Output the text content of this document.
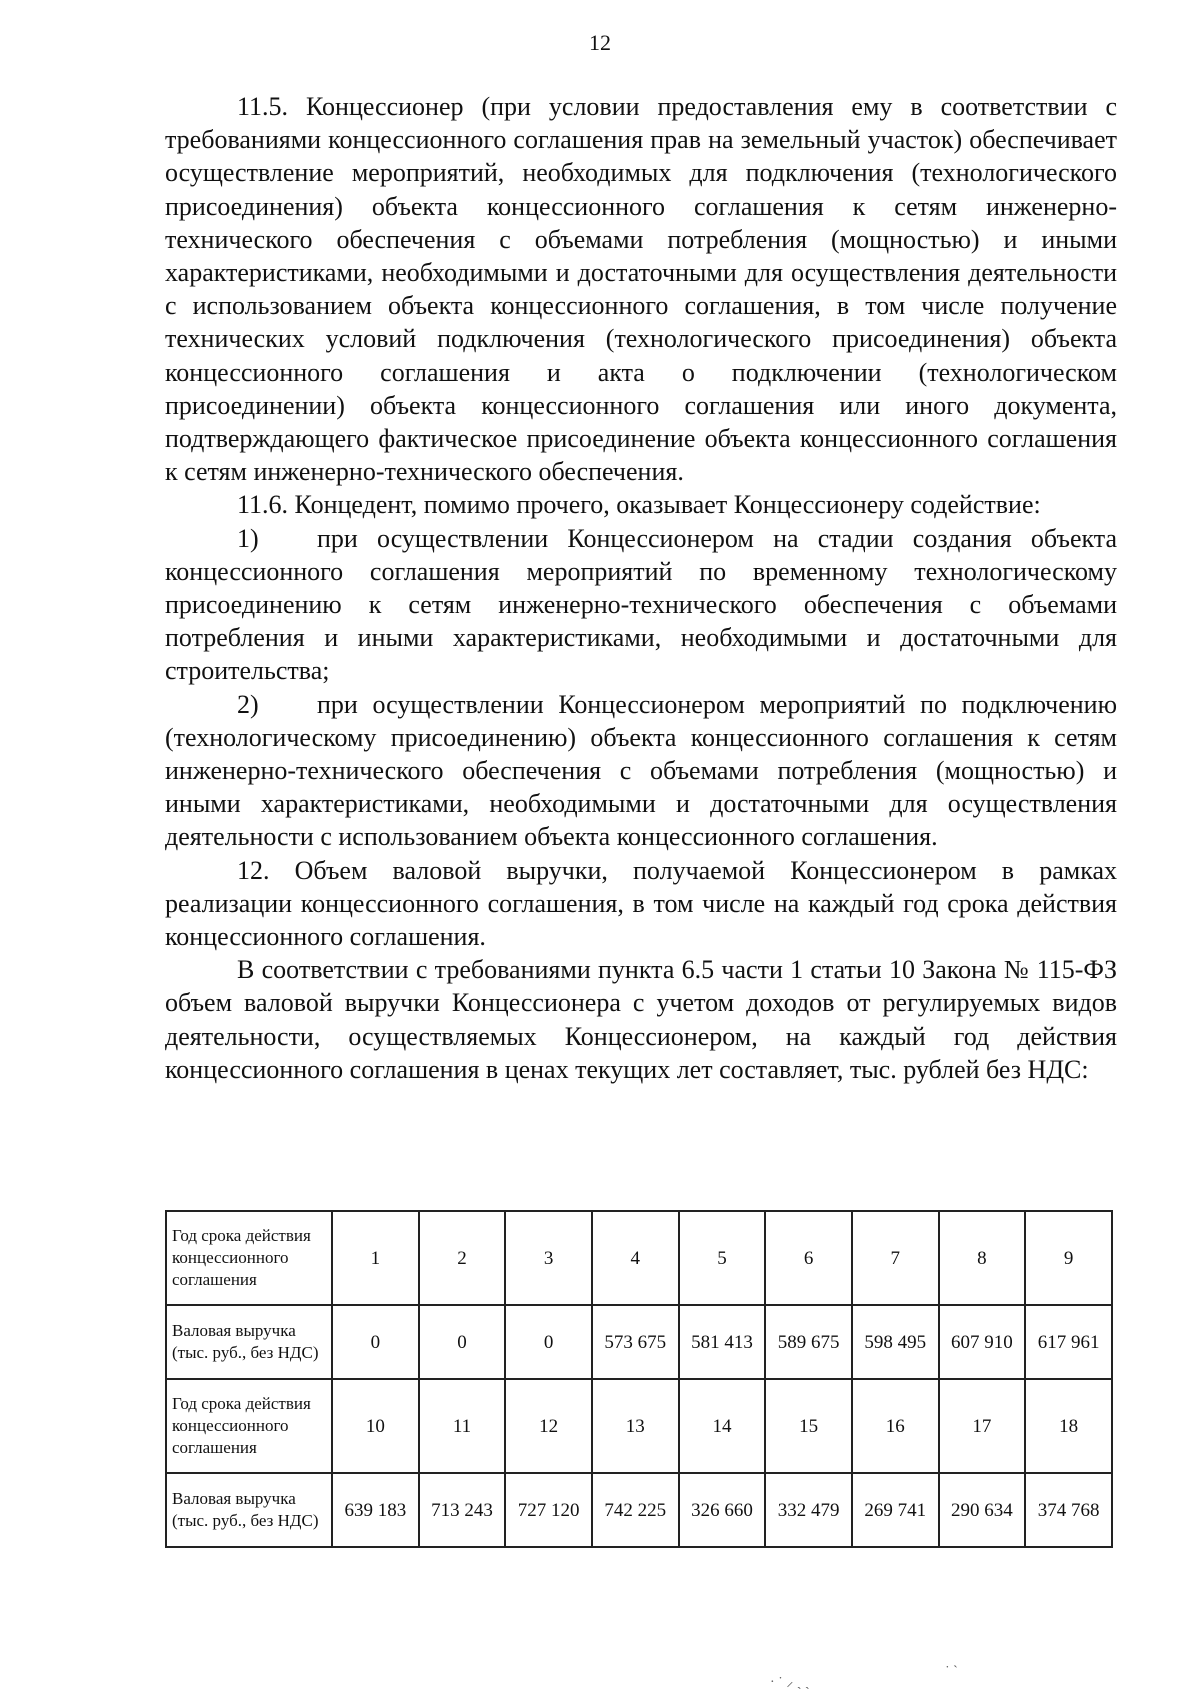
12

11.5. Концессионер (при условии предоставления ему в соответствии с требованиями концессионного соглашения прав на земельный участок) обеспечивает осуществление мероприятий, необходимых для подключения (технологического присоединения) объекта концессионного соглашения к сетям инженерно-технического обеспечения с объемами потребления (мощностью) и иными характеристиками, необходимыми и достаточными для осуществления деятельности с использованием объекта концессионного соглашения, в том числе получение технических условий подключения (технологического присоединения) объекта концессионного соглашения и акта о подключении (технологическом присоединении) объекта концессионного соглашения или иного документа, подтверждающего фактическое присоединение объекта концессионного соглашения к сетям инженерно-технического обеспечения.

11.6. Концедент, помимо прочего, оказывает Концессионеру содействие:

1) при осуществлении Концессионером на стадии создания объекта концессионного соглашения мероприятий по временному технологическому присоединению к сетям инженерно-технического обеспечения с объемами потребления и иными характеристиками, необходимыми и достаточными для строительства;

2) при осуществлении Концессионером мероприятий по подключению (технологическому присоединению) объекта концессионного соглашения к сетям инженерно-технического обеспечения с объемами потребления (мощностью) и иными характеристиками, необходимыми и достаточными для осуществления деятельности с использованием объекта концессионного соглашения.

12. Объем валовой выручки, получаемой Концессионером в рамках реализации концессионного соглашения, в том числе на каждый год срока действия концессионного соглашения.

В соответствии с требованиями пункта 6.5 части 1 статьи 10 Закона № 115-ФЗ объем валовой выручки Концессионера с учетом доходов от регулируемых видов деятельности, осуществляемых Концессионером, на каждый год действия концессионного соглашения в ценах текущих лет составляет, тыс. рублей без НДС:

Год срока действия концессионного соглашения	1	2	3	4	5	6	7	8	9
Валовая выручка (тыс. руб., без НДС)	0	0	0	573 675	581 413	589 675	598 495	607 910	617 961
Год срока действия концессионного соглашения	10	11	12	13	14	15	16	17	18
Валовая выручка (тыс. руб., без НДС)	639 183	713 243	727 120	742 225	326 660	332 479	269 741	290 634	374 768
· ˙ ⸝ ˎ ˎ
˙ ˋ
